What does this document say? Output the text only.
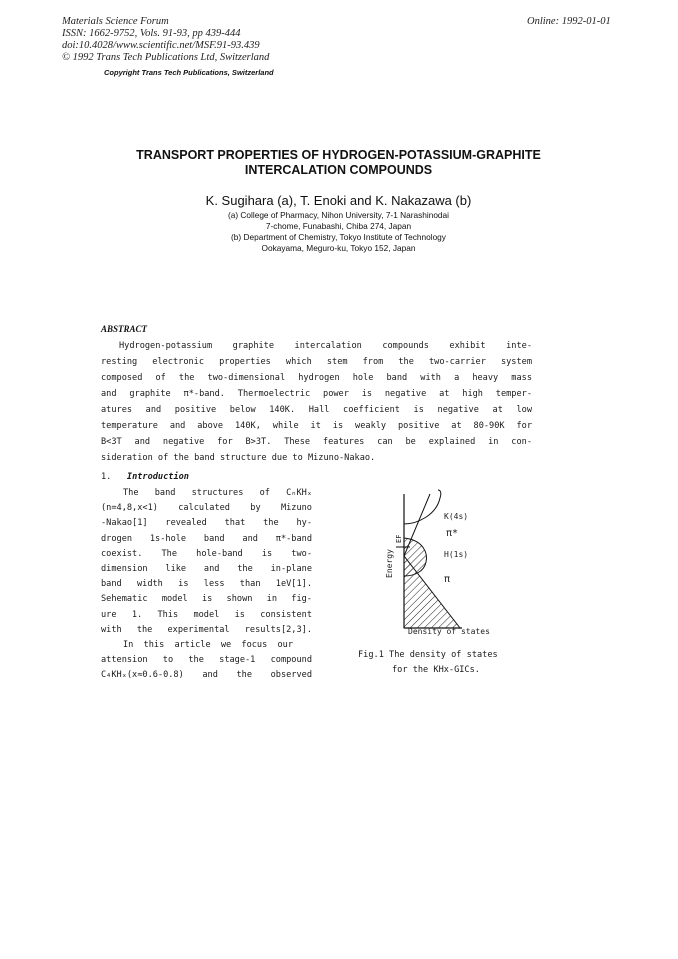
Materials Science Forum	Online: 1992-01-01
ISSN: 1662-9752, Vols. 91-93, pp 439-444
doi:10.4028/www.scientific.net/MSF.91-93.439
© 1992 Trans Tech Publications Ltd, Switzerland
Copyright Trans Tech Publications, Switzerland
TRANSPORT PROPERTIES OF HYDROGEN-POTASSIUM-GRAPHITE
INTERCALATION COMPOUNDS
K. Sugihara (a), T. Enoki and K. Nakazawa (b)
(a) College of Pharmacy, Nihon University, 7-1 Narashinodai
7-chome, Funabashi, Chiba 274, Japan
(b) Department of Chemistry, Tokyo Institute of Technology
Ookayama, Meguro-ku, Tokyo 152, Japan
ABSTRACT
Hydrogen-potassium graphite intercalation compounds exhibit inte-
resting electronic properties which stem from the two-carrier system
composed of the two-dimensional hydrogen hole band with a heavy mass
and graphite π*-band. Thermoelectric power is negative at high temper-
atures and positive below 140K. Hall coefficient is negative at low
temperature and above 140K, while it is weakly positive at 80-90K for
B<3T and negative for B>3T. These features can be explained in con-
sideration of the band structure due to Mizuno-Nakao.
1. Introduction
The band structures of CₙKHₓ
(n=4,8,x<1) calculated by Mizuno
-Nakao[1] revealed that the hy-
drogen 1s-hole band and π*-band
coexist. The hole-band is two-
dimension like and the in-plane
band width is less than 1eV[1].
Sehematic model is shown in fig-
ure 1. This model is consistent
with the experimental results[2,3].
In this article we focus our
attension to the stage-1 compound
C₄KHₓ(x≈0.6-0.8) and the observed
K(4s)
π*
EF
H(1s)
π
Energy
Density of states
Fig.1 The density of states
for the KHx-GICs.
